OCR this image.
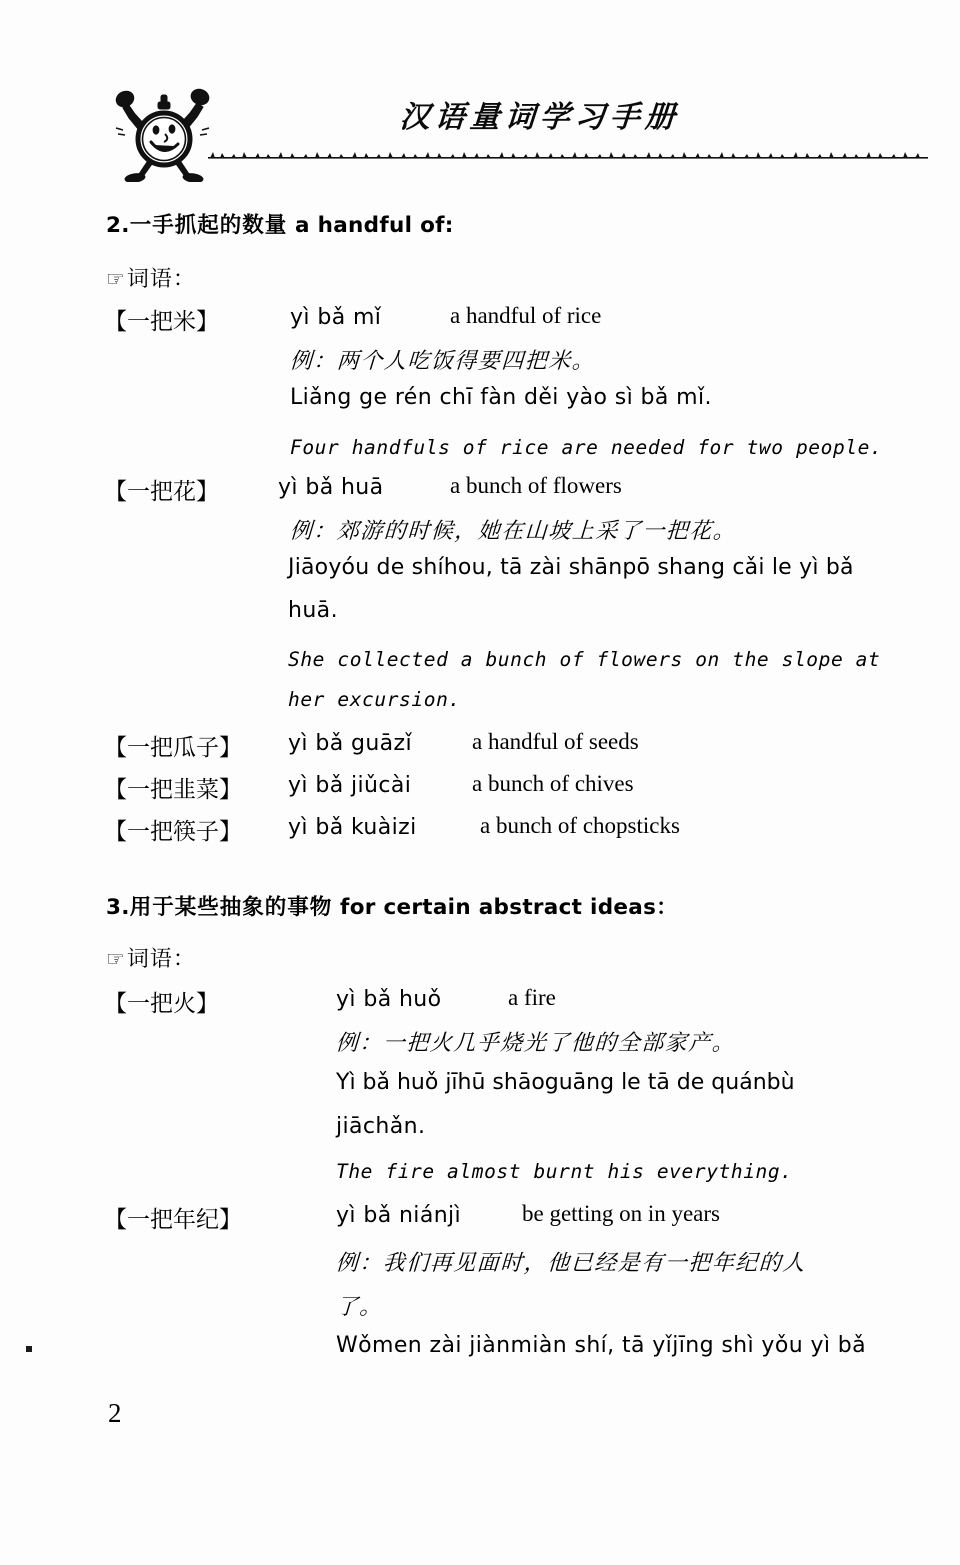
汉语量词学习手册
2.一手抓起的数量 a handful of:
☞词语：
【一把米】	yì bǎ mǐ	a handful of rice
例：两个人吃饭得要四把米。
Liǎng ge rén chī fàn děi yào sì bǎ mǐ.
Four handfuls of rice are needed for two people.
【一把花】	yì bǎ huā	a bunch of flowers
例：郊游的时候，她在山坡上采了一把花。
Jiāoyóu de shíhou, tā zài shānpō shang cǎi le yì bǎ
huā.
She collected a bunch of flowers on the slope at
her excursion.
【一把瓜子】 yì bǎ guāzǐ	a handful of seeds
【一把韭菜】 yì bǎ jiǔcài	a bunch of chives
【一把筷子】 yì bǎ kuàizi	a bunch of chopsticks
3.用于某些抽象的事物 for certain abstract ideas：
☞词语：
【一把火】	yì bǎ huǒ	a fire
例：一把火几乎烧光了他的全部家产。
Yì bǎ huǒ jīhū shāoguāng le tā de quánbù
jiāchǎn.
The fire almost burnt his everything.
【一把年纪】	yì bǎ niánjì	be getting on in years
例：我们再见面时，他已经是有一把年纪的人
了。
Wǒmen zài jiànmiàn shí, tā yǐjīng shì yǒu yì bǎ
2
